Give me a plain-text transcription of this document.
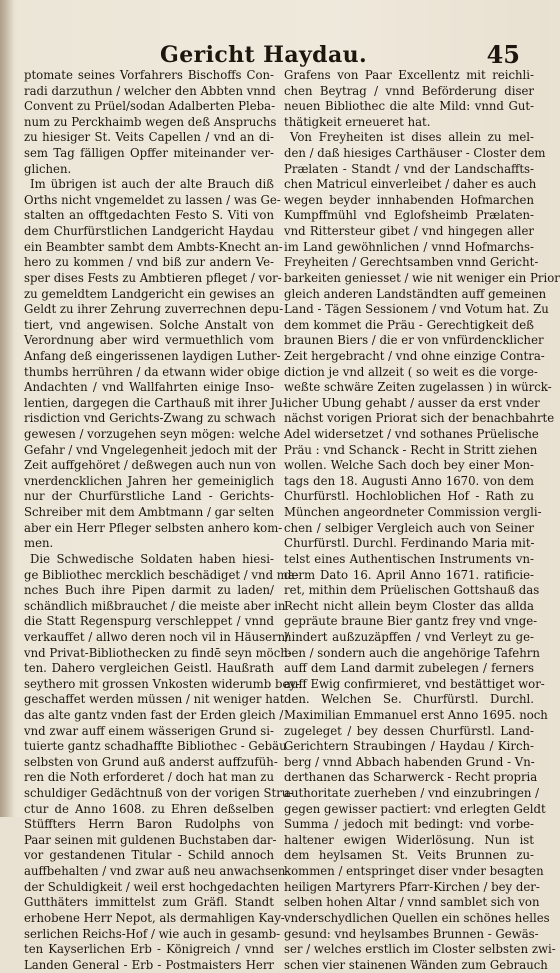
Gericht Haydau.	45
ptomate seines Vorfahrers Bischoffs Con-
radi darzuthun / welcher den Abbten vnnd
Convent zu Prüel/sodan Adalberten Pleba-
num zu Perckhaimb wegen deß Anspruchs
zu hiesiger St. Veits Capellen / vnd an di-
sem Tag fälligen Opffer miteinander ver-
glichen.
Im übrigen ist auch der alte Brauch diß
Orths nicht vngemeldet zu lassen / was Ge-
stalten an offtgedachten Festo S. Viti von
dem Churfürstlichen Landgericht Haydau
ein Beambter sambt dem Ambts-Knecht an-
hero zu kommen / vnd biß zur andern Ve-
sper dises Fests zu Ambtieren pfleget / vor-
zu gemeldtem Landgericht ein gewises an
Geldt zu ihrer Zehrung zuverrechnen depu-
tiert, vnd angewisen. Solche Anstalt von
Verordnung aber wird vermuethlich vom
Anfang deß eingerissenen laydigen Luther-
thumbs herrühren / da etwann wider obige
Andachten / vnd Wallfahrten einige Inso-
lentien, dargegen die Carthauß mit ihrer Ju-
risdiction vnd Gerichts-Zwang zu schwach
gewesen / vorzugehen seyn mögen: welche
Gefahr / vnd Vngelegenheit jedoch mit der
Zeit auffgehöret / deßwegen auch nun von
vnerdencklichen Jahren her gemeiniglich
nur der Churfürstliche Land - Gerichts-
Schreiber mit dem Ambtmann / gar selten
aber ein Herr Pfleger selbsten anhero kom-
men.
Die Schwedische Soldaten haben hiesi-
ge Bibliothec mercklich beschädiget / vnd ma-
nches Buch ihre Pipen darmit zu laden/
schändlich mißbrauchet / die meiste aber in
die Statt Regenspurg verschleppet / vnnd
verkauffet / allwo deren noch vil in Häusern/
vnd Privat-Bibliothecken zu findē seyn möch-
ten. Dahero vergleichen Geistl. Haußrath
seythero mit grossen Vnkosten widerumb bey-
geschaffet werden müssen / nit weniger hat
das alte gantz vnden fast der Erden gleich /
vnd zwar auff einem wässerigen Grund si-
tuierte gantz schadhaffte Bibliothec - Gebäu
selbsten von Grund auß anderst auffzufüh-
ren die Noth erforderet / doch hat man zu
schuldiger Gedächtnuß von der vorigen Stru-
ctur de Anno 1608. zu Ehren deßselben
Stüffters Herrn Baron Rudolphs von
Paar seinen mit guldenen Buchstaben dar-
vor gestandenen Titular - Schild annoch
auffbehalten / vnd zwar auß neu anwachsen-
der Schuldigkeit / weil erst hochgedachten
Gutthäters immittelst zum Gräfl. Standt
erhobene Herr Nepot, als dermahligen Kay-
serlichen Reichs-Hof / wie auch in gesamb-
ten Kayserlichen Erb - Königreich / vnnd
Landen General - Erb - Postmaisters Herr
Grafens von Paar Excellentz mit reichli-
chen Beytrag / vnnd Beförderung diser
neuen Bibliothec die alte Mild: vnnd Gut-
thätigkeit erneueret hat.
Von Freyheiten ist dises allein zu mel-
den / daß hiesiges Carthäuser - Closter dem
Prælaten - Standt / vnd der Landschaffts-
chen Matricul einverleibet / daher es auch
wegen beyder innhabenden Hofmarchen
Kumpffmühl vnd Eglofsheimb Prælaten-
vnd Rittersteur gibet / vnd hingegen aller
im Land gewöhnlichen / vnnd Hofmarchs-
Freyheiten / Gerechtsamben vnnd Gericht-
barkeiten geniesset / wie nit weniger ein Prior
gleich anderen Landständten auff gemeinen
Land - Tägen Sessionem / vnd Votum hat. Zu
dem kommet die Präu - Gerechtigkeit deß
braunen Biers / die er von vnfürdencklicher
Zeit hergebracht / vnd ohne einzige Contra-
diction je vnd allzeit ( so weit es die vorge-
weßte schwäre Zeiten zugelassen ) in würck-
licher Ubung gehabt / ausser da erst vnder
nächst vorigen Priorat sich der benachbahrte
Adel widersetzet / vnd sothanes Prüelische
Präu : vnd Schanck - Recht in Stritt ziehen
wollen. Welche Sach doch bey einer Mon-
tags den 18. Augusti Anno 1670. von dem
Churfürstl. Hochloblichen Hof - Rath zu
München angeordneter Commission vergli-
chen / selbiger Vergleich auch von Seiner
Churfürstl. Durchl. Ferdinando Maria mit-
telst eines Authentischen Instruments vn-
derm Dato 16. April Anno 1671. ratificie-
ret, mithin dem Prüelischen Gottshauß das
Recht nicht allein beym Closter das allda
gepräute braune Bier gantz frey vnd vnge-
hindert außzuzäpffen / vnd Verleyt zu ge-
ben / sondern auch die angehörige Tafehrn
auff dem Land darmit zubelegen / ferners
auff Ewig confirmieret, vnd bestättiget wor-
den. Welchen Se. Churfürstl. Durchl.
Maximilian Emmanuel erst Anno 1695. noch
zugeleget / bey dessen Churfürstl. Land-
Gerichtern Straubingen / Haydau / Kirch-
berg / vnnd Abbach habenden Grund - Vn-
derthanen das Scharwerck - Recht propria
authoritate zuerheben / vnd einzubringen /
gegen gewisser pactiert: vnd erlegten Geldt
Summa / jedoch mit bedingt: vnd vorbe-
haltener ewigen Widerlösung. Nun ist
dem heylsamen St. Veits Brunnen zu-
kommen / entspringet diser vnder besagten
heiligen Martyrers Pfarr-Kirchen / bey der-
selben hohen Altar / vnnd samblet sich von
vnderschydlichen Quellen ein schönes helles
gesund: vnd heylsambes Brunnen - Gewäs-
ser / welches erstlich im Closter selbsten zwi-
schen vier stainenen Wänden zum Gebrauch
